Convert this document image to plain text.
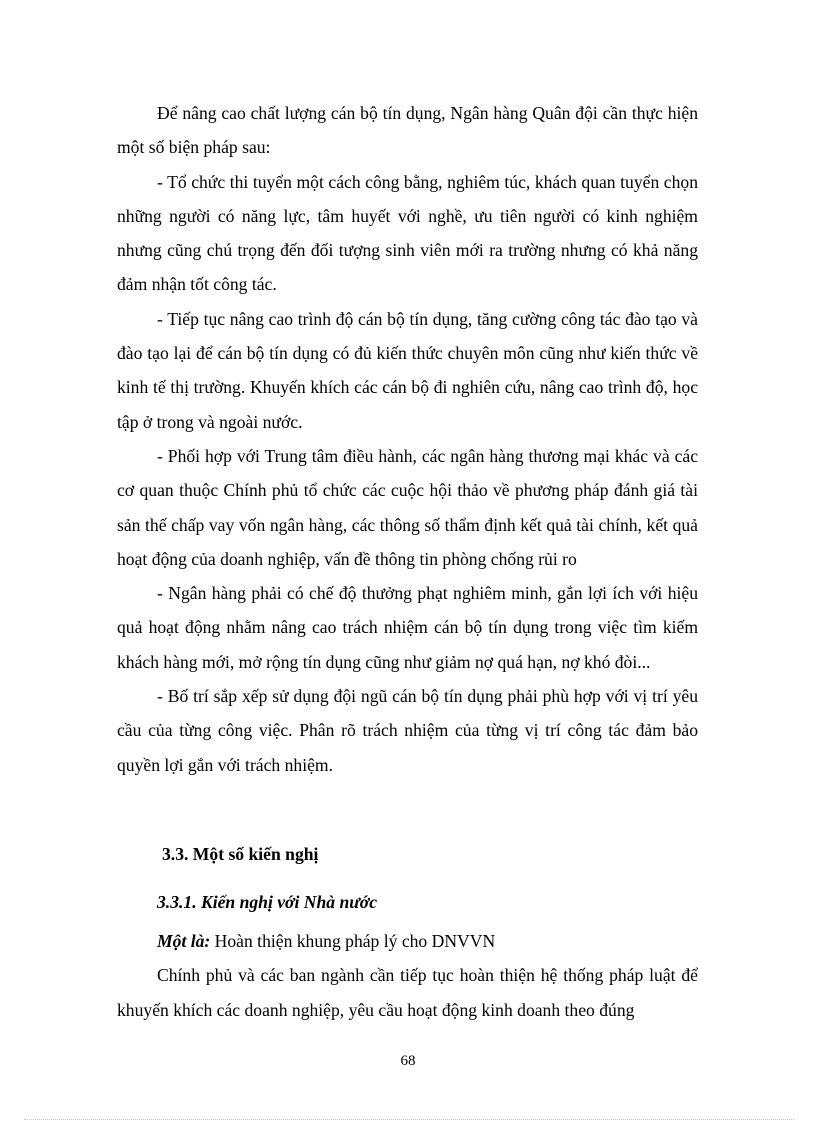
Để nâng cao chất lượng cán bộ tín dụng, Ngân hàng Quân đội cần thực hiện một số biện pháp sau:

- Tổ chức thi tuyển một cách công bằng, nghiêm túc, khách quan tuyển chọn những người có năng lực, tâm huyết với nghề, ưu tiên người có kinh nghiệm nhưng cũng chú trọng đến đối tượng sinh viên mới ra trường nhưng có khả năng đảm nhận tốt công tác.

- Tiếp tục nâng cao trình độ cán bộ tín dụng, tăng cường công tác đào tạo và đào tạo lại để cán bộ tín dụng có đủ kiến thức chuyên môn cũng như kiến thức về kinh tế thị trường. Khuyến khích các cán bộ đi nghiên cứu, nâng cao trình độ, học tập ở trong và ngoài nước.

- Phối hợp với Trung tâm điều hành, các ngân hàng thương mại khác và các cơ quan thuộc Chính phủ tổ chức các cuộc hội thảo về phương pháp đánh giá tài sản thế chấp vay vốn ngân hàng, các thông số thẩm định kết quả tài chính, kết quả hoạt động của doanh nghiệp, vấn đề thông tin phòng chống rủi ro

- Ngân hàng phải có chế độ thưởng phạt nghiêm minh, gắn lợi ích với hiệu quả hoạt động nhằm nâng cao trách nhiệm cán bộ tín dụng trong việc tìm kiếm khách hàng mới, mở rộng tín dụng cũng như giảm nợ quá hạn, nợ khó đòi...

- Bố trí sắp xếp sử dụng đội ngũ cán bộ tín dụng phải phù hợp với vị trí yêu cầu của từng công việc. Phân rõ trách nhiệm của từng vị trí công tác đảm bảo quyền lợi gắn với trách nhiệm.

3.3. Một số kiến nghị

3.3.1. Kiến nghị với Nhà nước

Một là: Hoàn thiện khung pháp lý cho DNVVN

Chính phủ và các ban ngành cần tiếp tục hoàn thiện hệ thống pháp luật để khuyến khích các doanh nghiệp, yêu cầu hoạt động kinh doanh theo đúng

68
